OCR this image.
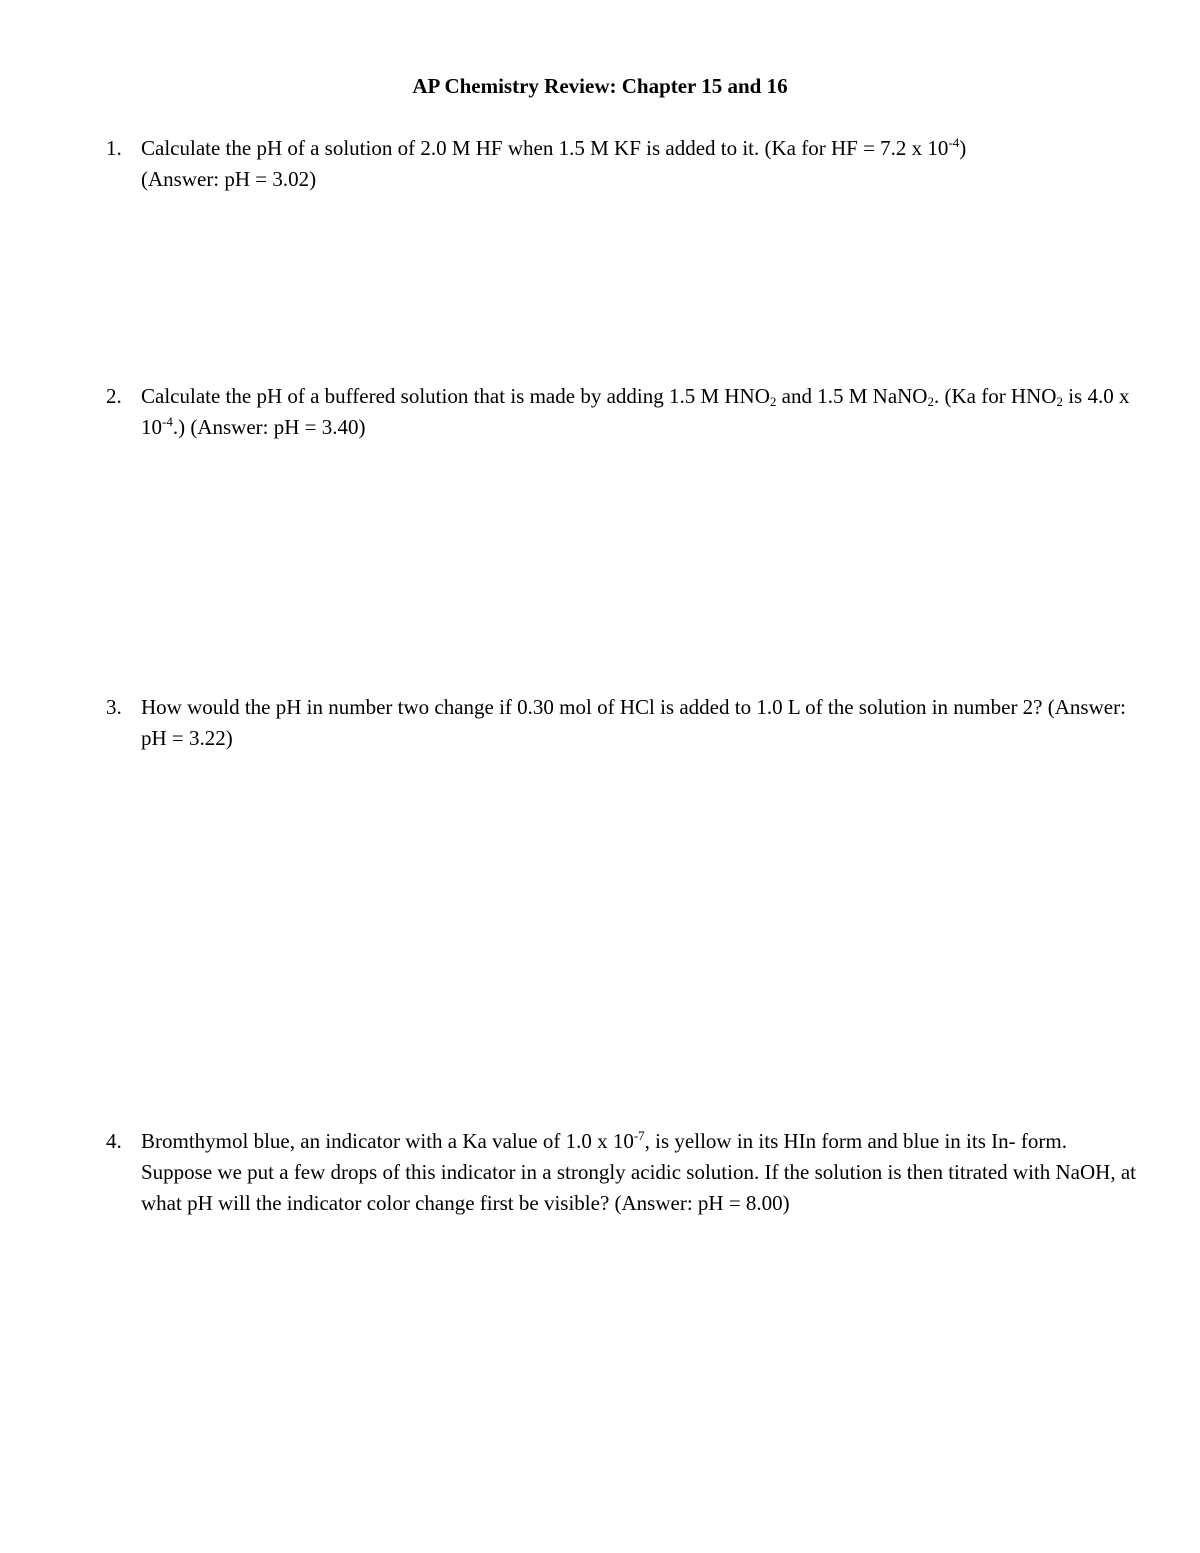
AP Chemistry Review: Chapter 15 and 16
1. Calculate the pH of a solution of 2.0 M HF when 1.5 M KF is added to it. (Ka for HF = 7.2 x $10^{-4}$)
(Answer: pH = 3.02)
2. Calculate the pH of a buffered solution that is made by adding 1.5 M $HNO_2$ and 1.5 M NaNO$_2$. (Ka for $HNO_2$ is 4.0 x $10^{-4}$.) (Answer: pH = 3.40)
3. How would the pH in number two change if 0.30 mol of HCl is added to 1.0 L of the solution in number 2? (Answer: pH = 3.22)
4. Bromthymol blue, an indicator with a Ka value of 1.0 x $10^{-7}$, is yellow in its HIn form and blue in its In- form. Suppose we put a few drops of this indicator in a strongly acidic solution. If the solution is then titrated with NaOH, at what pH will the indicator color change first be visible? (Answer: pH = 8.00)
